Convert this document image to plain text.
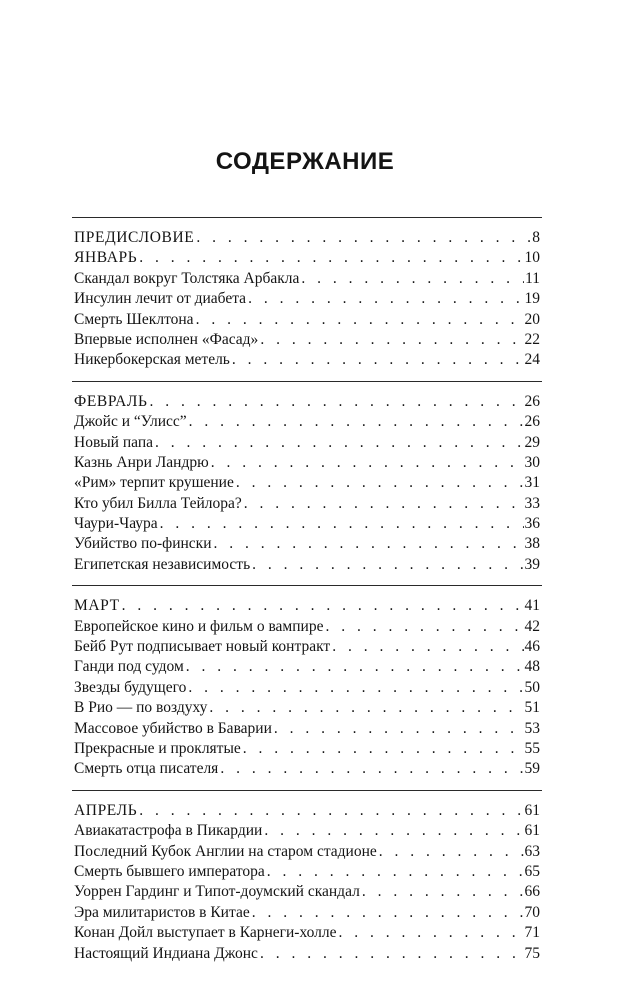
СОДЕРЖАНИЕ
ПРЕДИСЛОВИЕ . . .	8
ЯНВАРЬ . . .	10
Скандал вокруг Толстяка Арбакла . . .	11
Инсулин лечит от диабета . . .	19
Смерть Шеклтона . . .	20
Впервые исполнен «Фасад» . . .	22
Никербокерская метель . . .	24
ФЕВРАЛЬ . . .	26
Джойс и “Улисс” . . .	26
Новый папа . . .	29
Казнь Анри Ландрю . . .	30
«Рим» терпит крушение . . .	31
Кто убил Билла Тейлора? . . .	33
Чаури-Чаура . . .	36
Убийство по-фински . . .	38
Египетская независимость . . .	39
МАРТ . . .	41
Европейское кино и фильм о вампире . . .	42
Бейб Рут подписывает новый контракт . . .	46
Ганди под судом . . .	48
Звезды будущего . . .	50
В Рио — по воздуху . . .	51
Массовое убийство в Баварии . . .	53
Прекрасные и проклятые . . .	55
Смерть отца писателя . . .	59
АПРЕЛЬ . . .	61
Авиакатастрофа в Пикардии . . .	61
Последний Кубок Англии на старом стадионе . . .	63
Смерть бывшего императора . . .	65
Уоррен Гардинг и Типот-доумский скандал . . .	66
Эра милитаристов в Китае . . .	70
Конан Дойл выступает в Карнеги-холле . . .	71
Настоящий Индиана Джонс . . .	75
